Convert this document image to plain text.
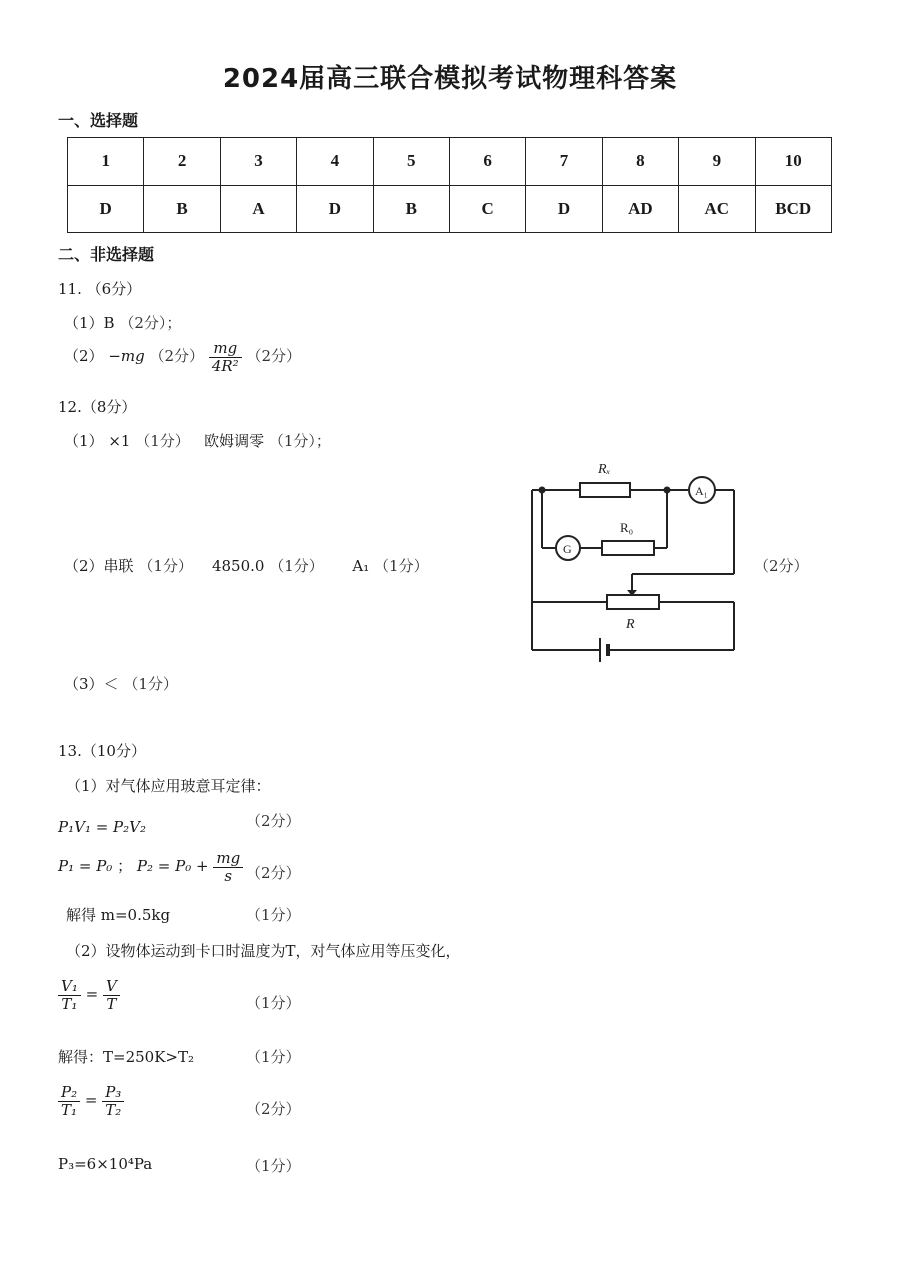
2024届高三联合模拟考试物理科答案
一、选择题
1	2	3	4	5	6	7	8	9	10
D	B	A	D	B	C	D	AD	AC	BCD
二、非选择题
11. （6分）
（1）B （2分）；
（2） −mg （2分） $\frac{mg}{\text{4R²}} (2$分）
12.（8分）
（1） ×1 （1分） 欧姆调零 （1分）；
（2）串联 （1分） 4850.0 （1分） A₁ （1分）	（2分）
Rₓ
A₁
R₀
G
R
（3）＜ （1分）
13.（10分）
（1）对气体应用玻意耳定律：
P₁V₁ = P₂V₂	（2分）
P₁ = P₀ ； $P_2 = P_0 + \frac{mg}{s} (2$分）
解得 m=0.5kg	（1分）
（2）设物体运动到卡口时温度为T，对气体应用等压变化，
$\frac{\text{V₁}}{\text{T₁}} = \frac{V}{T}$	（1分）
解得：T=250K>T₂	（1分）
$\frac{\text{P₂}}{\text{T₁}} = \frac{\text{P₃}}{\text{T₂}}$	（2分）
P₃=6×10⁴Pa	（1分）
